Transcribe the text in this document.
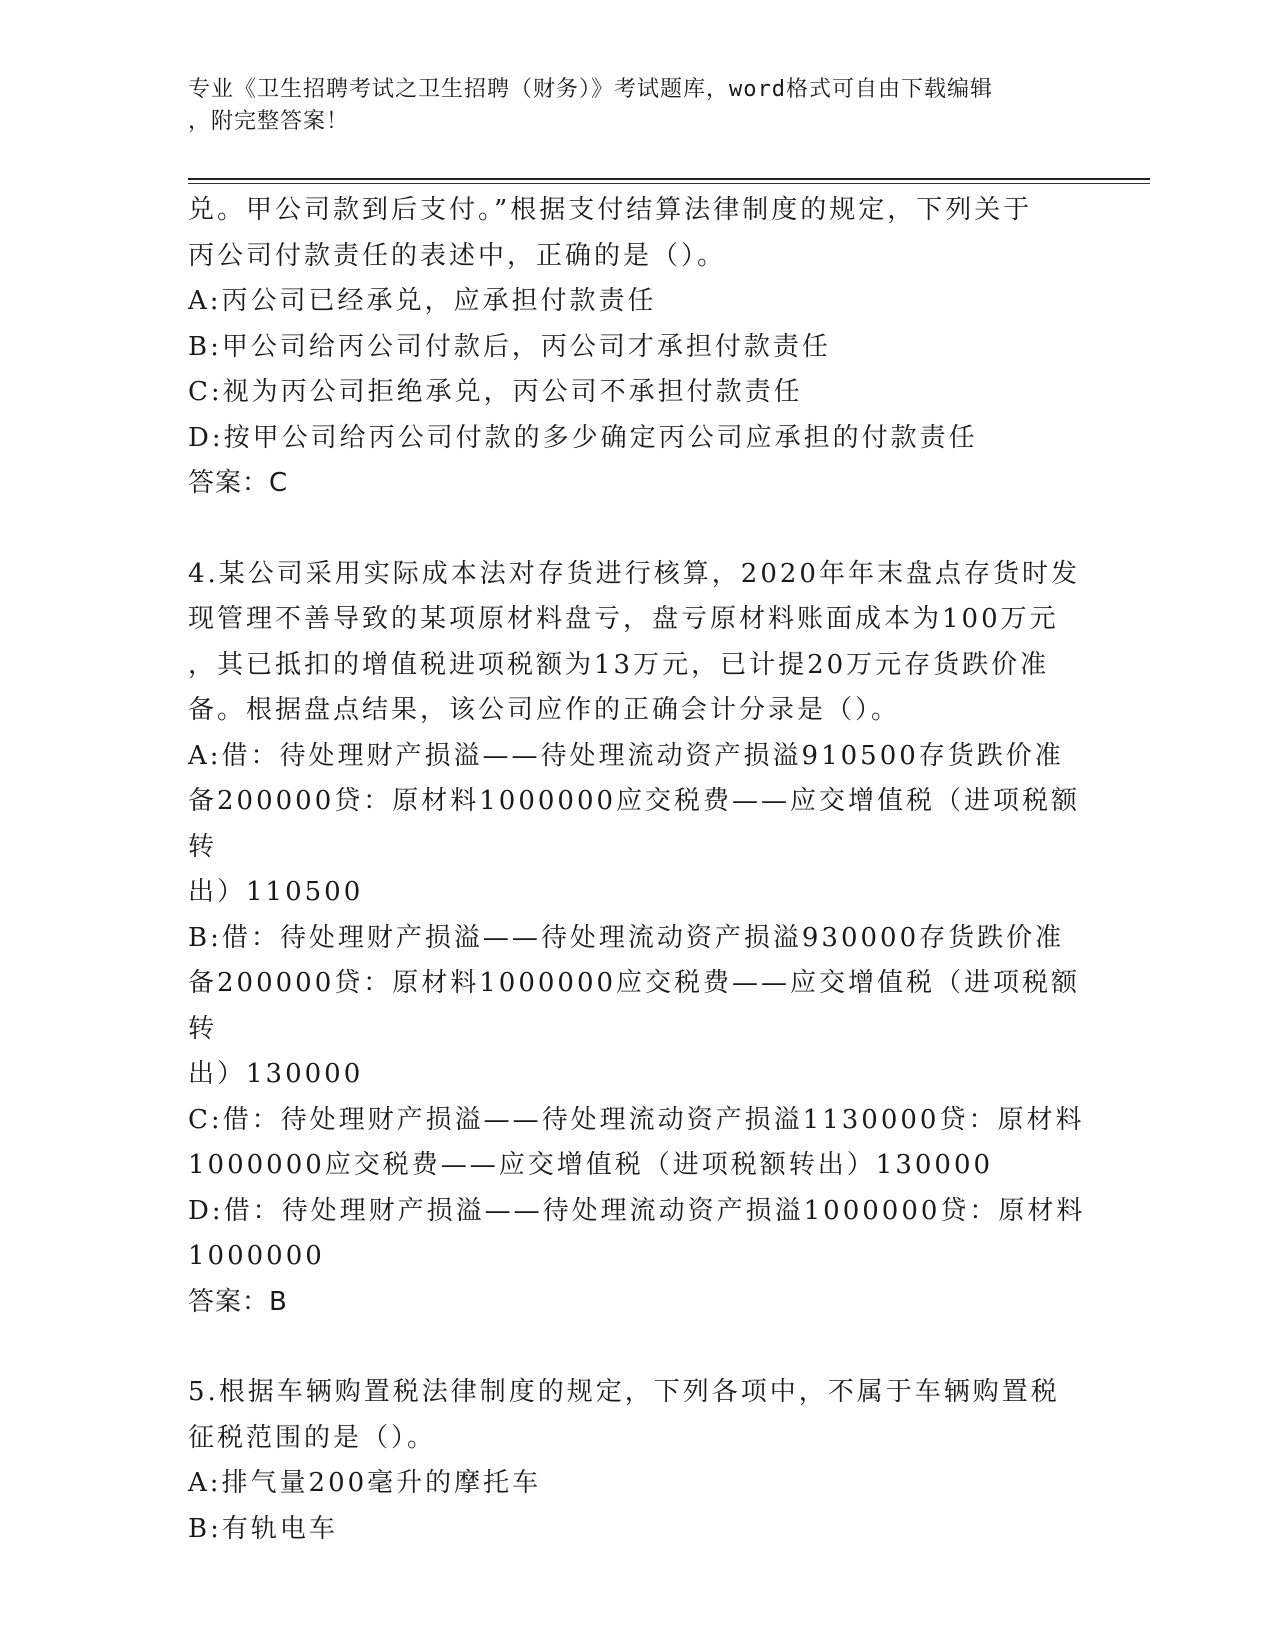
专业《卫生招聘考试之卫生招聘（财务）》考试题库，word格式可自由下载编辑
，附完整答案！

兑。甲公司款到后支付。”根据支付结算法律制度的规定，下列关于

丙公司付款责任的表述中，正确的是（）。

A:丙公司已经承兑，应承担付款责任

B:甲公司给丙公司付款后，丙公司才承担付款责任

C:视为丙公司拒绝承兑，丙公司不承担付款责任

D:按甲公司给丙公司付款的多少确定丙公司应承担的付款责任

答案：C

4.某公司采用实际成本法对存货进行核算，2020年年末盘点存货时发

现管理不善导致的某项原材料盘亏，盘亏原材料账面成本为100万元

，其已抵扣的增值税进项税额为13万元，已计提20万元存货跌价准

备。根据盘点结果，该公司应作的正确会计分录是（）。

A:借：待处理财产损溢——待处理流动资产损溢910500存货跌价准

备200000贷：原材料1000000应交税费——应交增值税（进项税额转

出）110500

B:借：待处理财产损溢——待处理流动资产损溢930000存货跌价准

备200000贷：原材料1000000应交税费——应交增值税（进项税额转

出）130000

C:借：待处理财产损溢——待处理流动资产损溢1130000贷：原材料

1000000应交税费——应交增值税（进项税额转出）130000

D:借：待处理财产损溢——待处理流动资产损溢1000000贷：原材料

1000000

答案：B

5.根据车辆购置税法律制度的规定，下列各项中，不属于车辆购置税

征税范围的是（）。

A:排气量200毫升的摩托车

B:有轨电车
